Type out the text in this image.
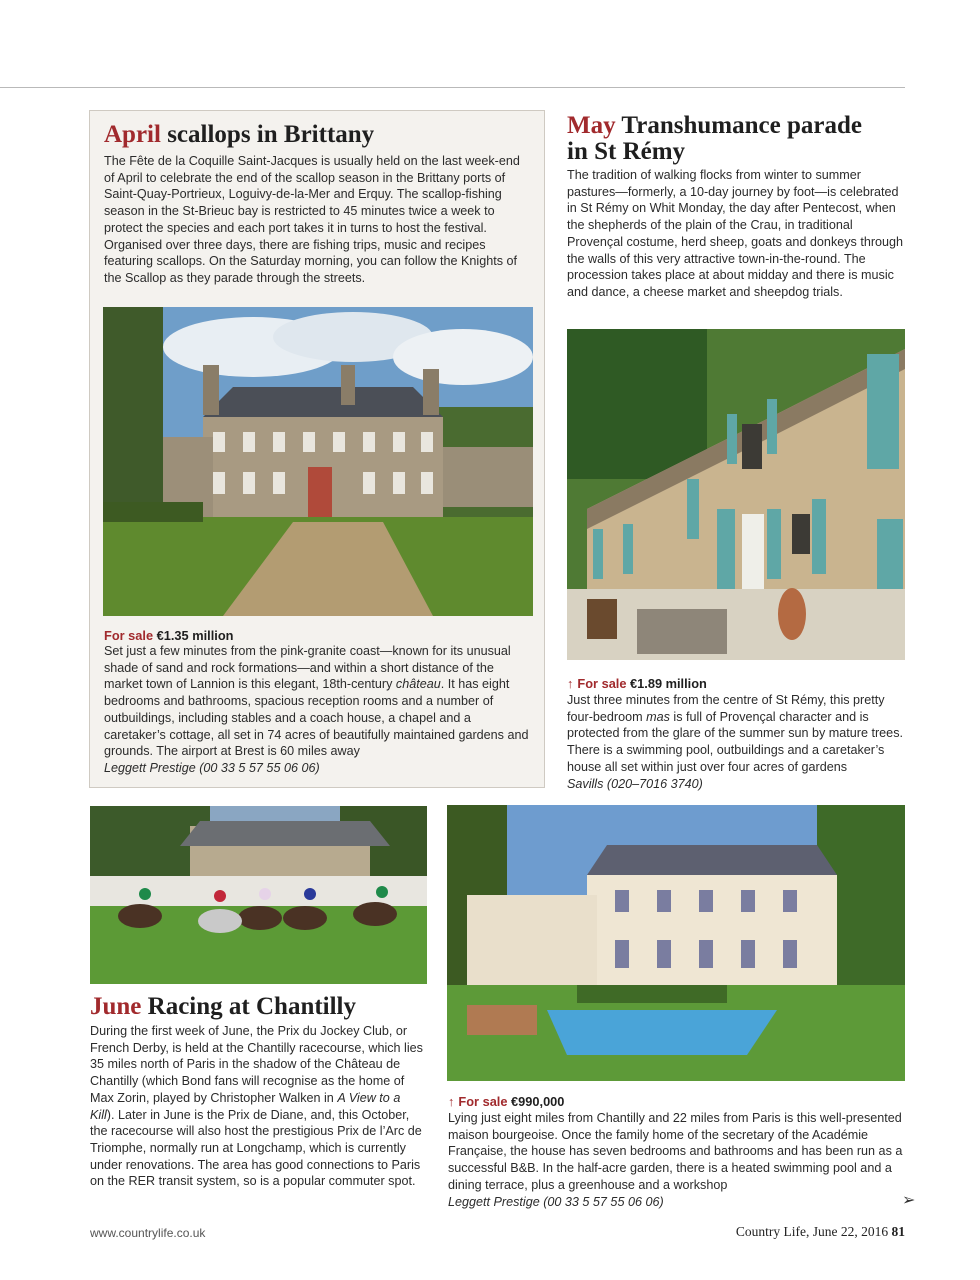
April scallops in Brittany

The Fête de la Coquille Saint-Jacques is usually held on the last week-end of April to celebrate the end of the scallop season in the Brittany ports of Saint-Quay-Portrieux, Loguivy-de-la-Mer and Erquy. The scallop-fishing season in the St-Brieuc bay is restricted to 45 minutes twice a week to protect the species and each port takes it in turns to host the festival. Organised over three days, there are fishing trips, music and recipes featuring scallops. On the Saturday morning, you can follow the Knights of the Scallop as they parade through the streets.

For sale €1.35 million

Set just a few minutes from the pink-granite coast—known for its unusual shade of sand and rock formations—and within a short distance of the market town of Lannion is this elegant, 18th-century château. It has eight bedrooms and bathrooms, spacious reception rooms and a number of outbuildings, including stables and a coach house, a chapel and a caretaker’s cottage, all set in 74 acres of beautifully maintained gardens and grounds. The airport at Brest is 60 miles away
Leggett Prestige (00 33 5 57 55 06 06)

May Transhumance parade
in St Rémy

The tradition of walking flocks from winter to summer pastures—formerly, a 10-day journey by foot—is celebrated in St Rémy on Whit Monday, the day after Pentecost, when the shepherds of the plain of the Crau, in traditional Provençal costume, herd sheep, goats and donkeys through the walls of this very attractive town-in-the-round. The procession takes place at about midday and there is music and dance, a cheese market and sheepdog trials.

↑ For sale €1.89 million

Just three minutes from the centre of St Rémy, this pretty four-bedroom mas is full of Provençal character and is protected from the glare of the summer sun by mature trees. There is a swimming pool, outbuildings and a caretaker’s house all set within just over four acres of gardens
Savills (020–7016 3740)

June Racing at Chantilly

During the first week of June, the Prix du Jockey Club, or French Derby, is held at the Chantilly racecourse, which lies 35 miles north of Paris in the shadow of the Château de Chantilly (which Bond fans will recognise as the home of Max Zorin, played by Christopher Walken in A View to a Kill). Later in June is the Prix de Diane, and, this October, the racecourse will also host the prestigious Prix de l’Arc de Triomphe, normally run at Longchamp, which is currently under renovations. The area has good connections to Paris on the RER transit system, so is a popular commuter spot.

↑ For sale €990,000

Lying just eight miles from Chantilly and 22 miles from Paris is this well-presented maison bourgeoise. Once the family home of the secretary of the Académie Française, the house has seven bedrooms and bathrooms and has been run as a successful B&B. In the half-acre garden, there is a heated swimming pool and a dining terrace, plus a greenhouse and a workshop
Leggett Prestige (00 33 5 57 55 06 06)	➢
www.countrylife.co.uk	Country Life, June 22, 2016 81
